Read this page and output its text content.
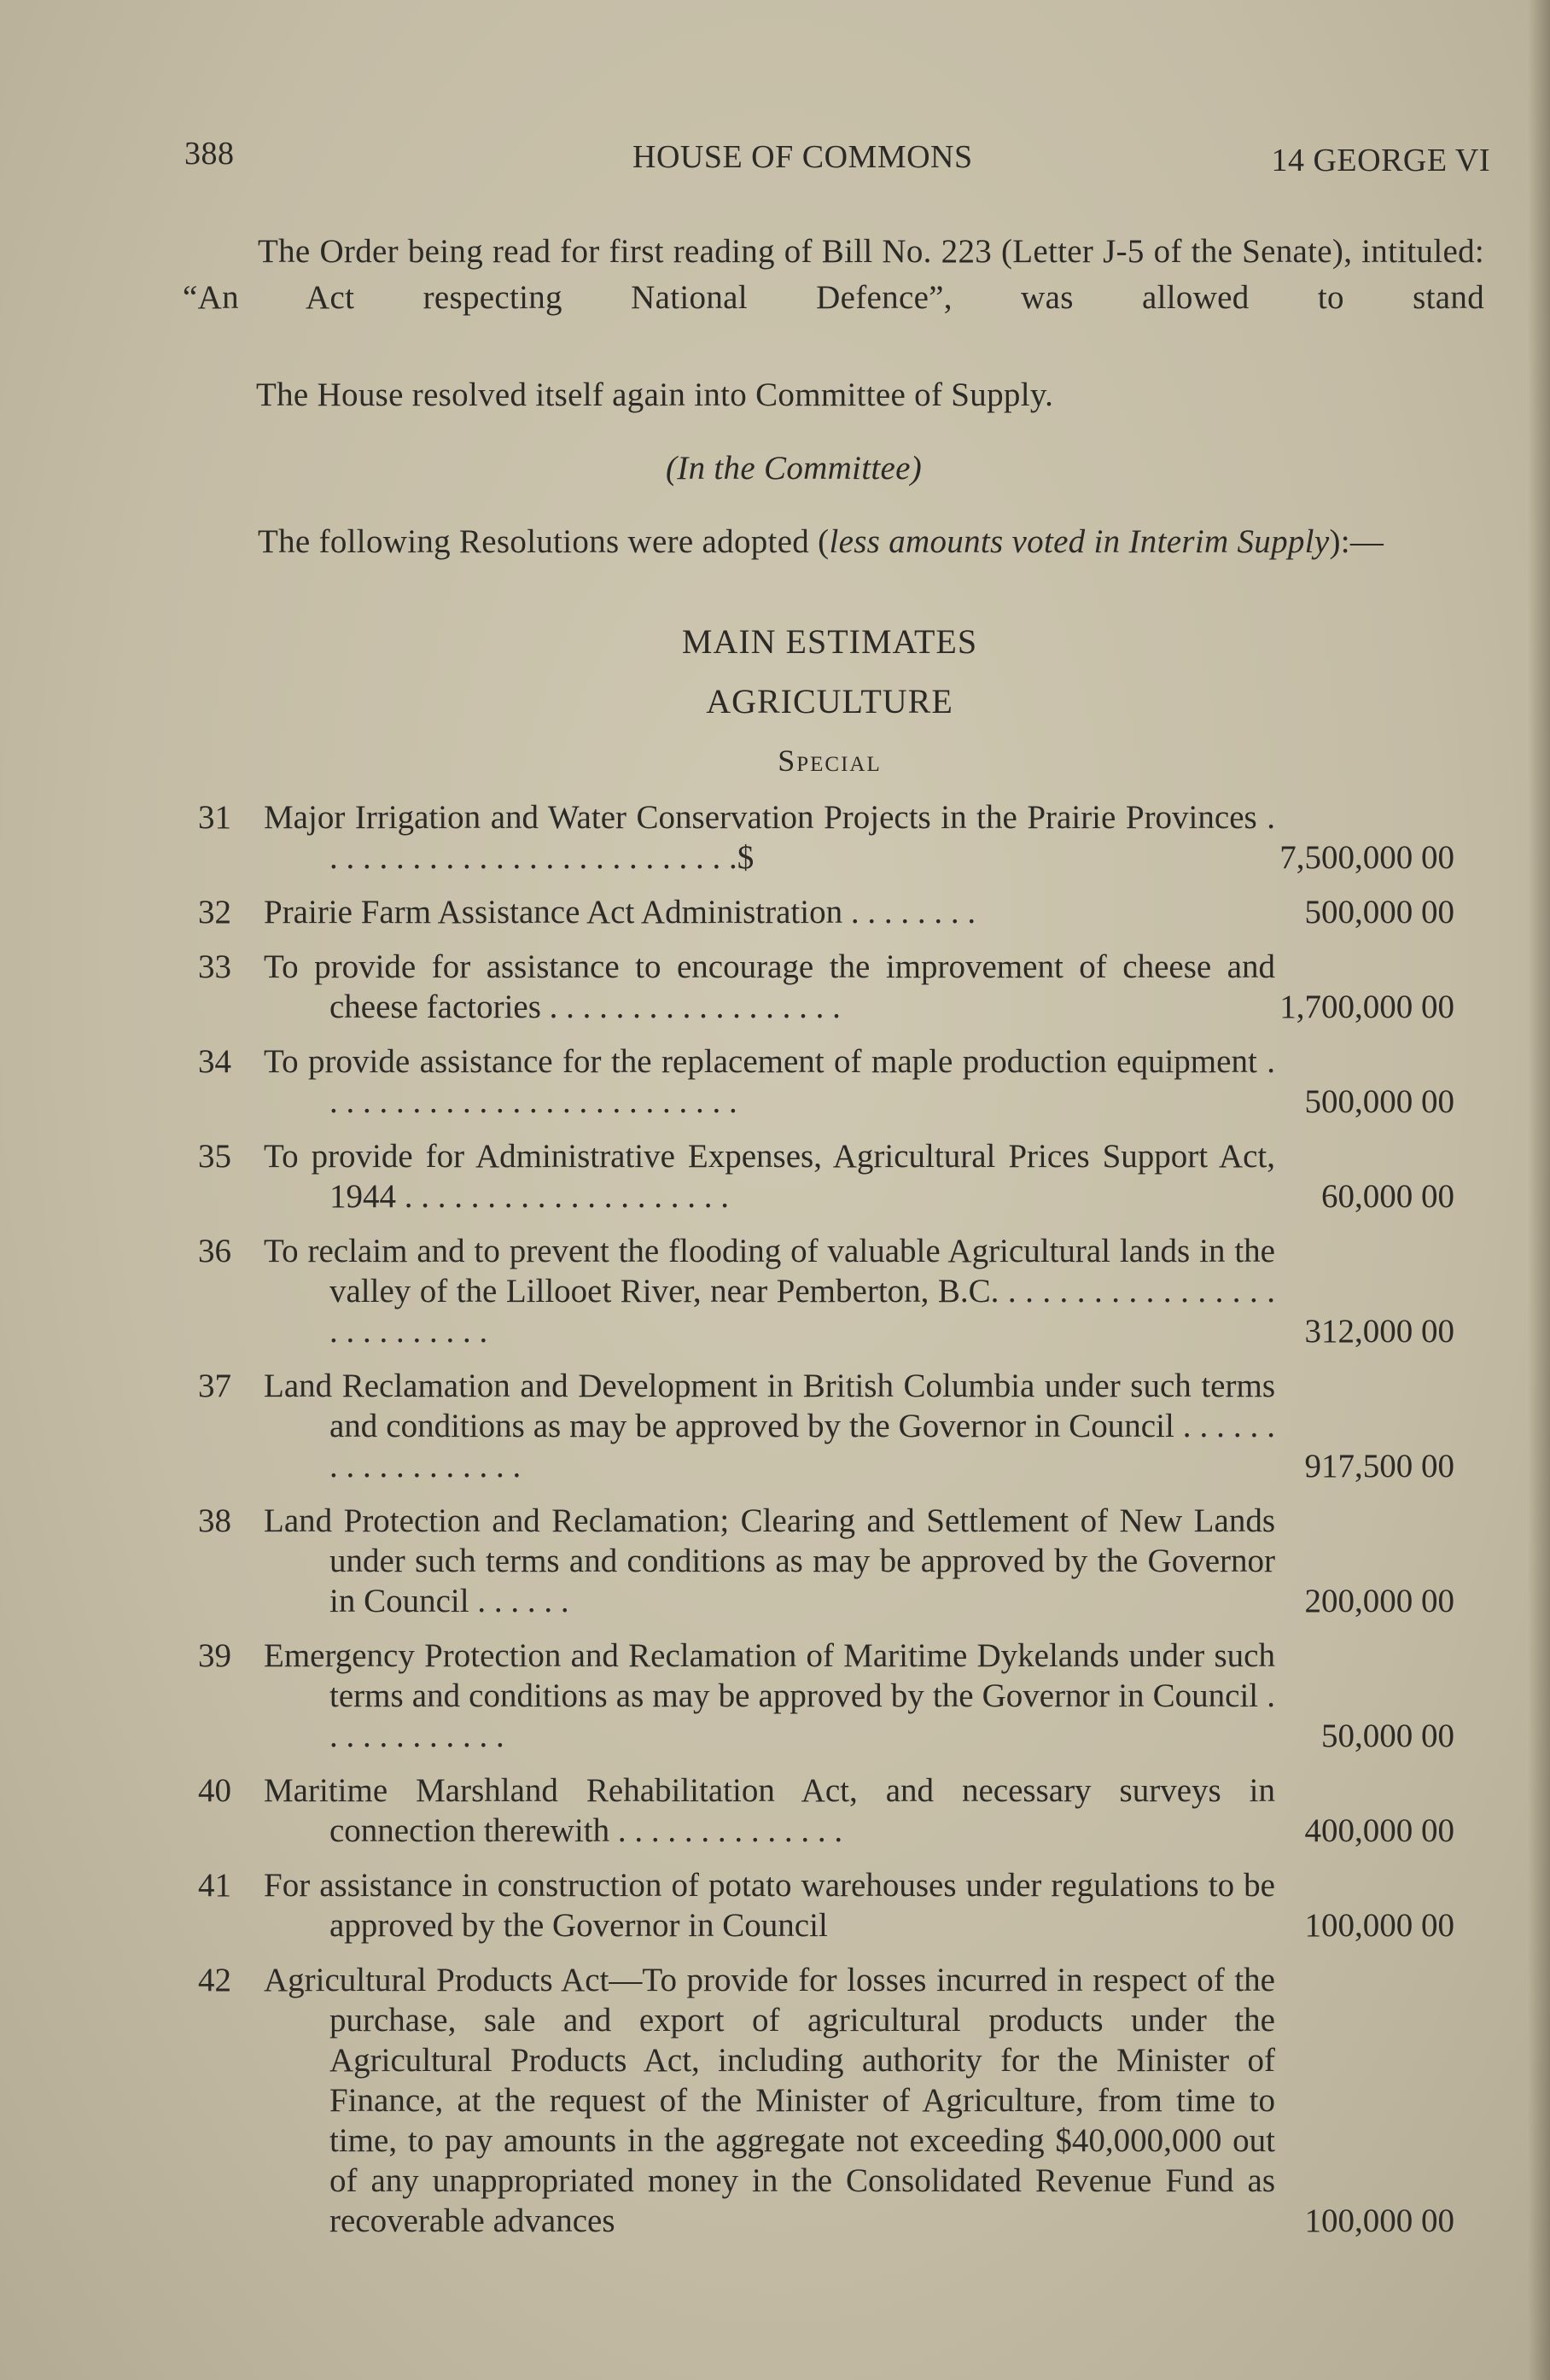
388	HOUSE OF COMMONS	14 GEORGE VI
The Order being read for first reading of Bill No. 223 (Letter J-5 of the Senate), intituled: “An Act respecting National Defence”, was allowed to stand
The House resolved itself again into Committee of Supply.
(In the Committee)
The following Resolutions were adopted (less amounts voted in Interim Supply):—
MAIN ESTIMATES
AGRICULTURE
Special
31 Major Irrigation and Water Conservation Projects in the Prairie Provinces . . . . . . . . . . . . . . . . . . . . . . . . . .$	7,500,000 00
32 Prairie Farm Assistance Act Administration . . . . . . . .	500,000 00
33 To provide for assistance to encourage the improvement of cheese and cheese factories . . . . . . . . . . . . . . . . . .	1,700,000 00
34 To provide assistance for the replacement of maple production equipment . . . . . . . . . . . . . . . . . . . . . . . . . .	500,000 00
35 To provide for Administrative Expenses, Agricultural Prices Support Act, 1944 . . . . . . . . . . . . . . . . . . . .	60,000 00
36 To reclaim and to prevent the flooding of valuable Agricultural lands in the valley of the Lillooet River, near Pemberton, B.C. . . . . . . . . . . . . . . . . . . . . . . . . . .	312,000 00
37 Land Reclamation and Development in British Columbia under such terms and conditions as may be approved by the Governor in Council . . . . . . . . . . . . . . . . . .	917,500 00
38 Land Protection and Reclamation; Clearing and Settlement of New Lands under such terms and conditions as may be approved by the Governor in Council . . . . . .	200,000 00
39 Emergency Protection and Reclamation of Maritime Dykelands under such terms and conditions as may be approved by the Governor in Council . . . . . . . . . . . .	50,000 00
40 Maritime Marshland Rehabilitation Act, and necessary surveys in connection therewith . . . . . . . . . . . . . .	400,000 00
41 For assistance in construction of potato warehouses under regulations to be approved by the Governor in Council	100,000 00
42 Agricultural Products Act—To provide for losses incurred in respect of the purchase, sale and export of agricultural products under the Agricultural Products Act, including authority for the Minister of Finance, at the request of the Minister of Agriculture, from time to time, to pay amounts in the aggregate not exceeding $40,000,000 out of any unappropriated money in the Consolidated Revenue Fund as recoverable advances	100,000 00
